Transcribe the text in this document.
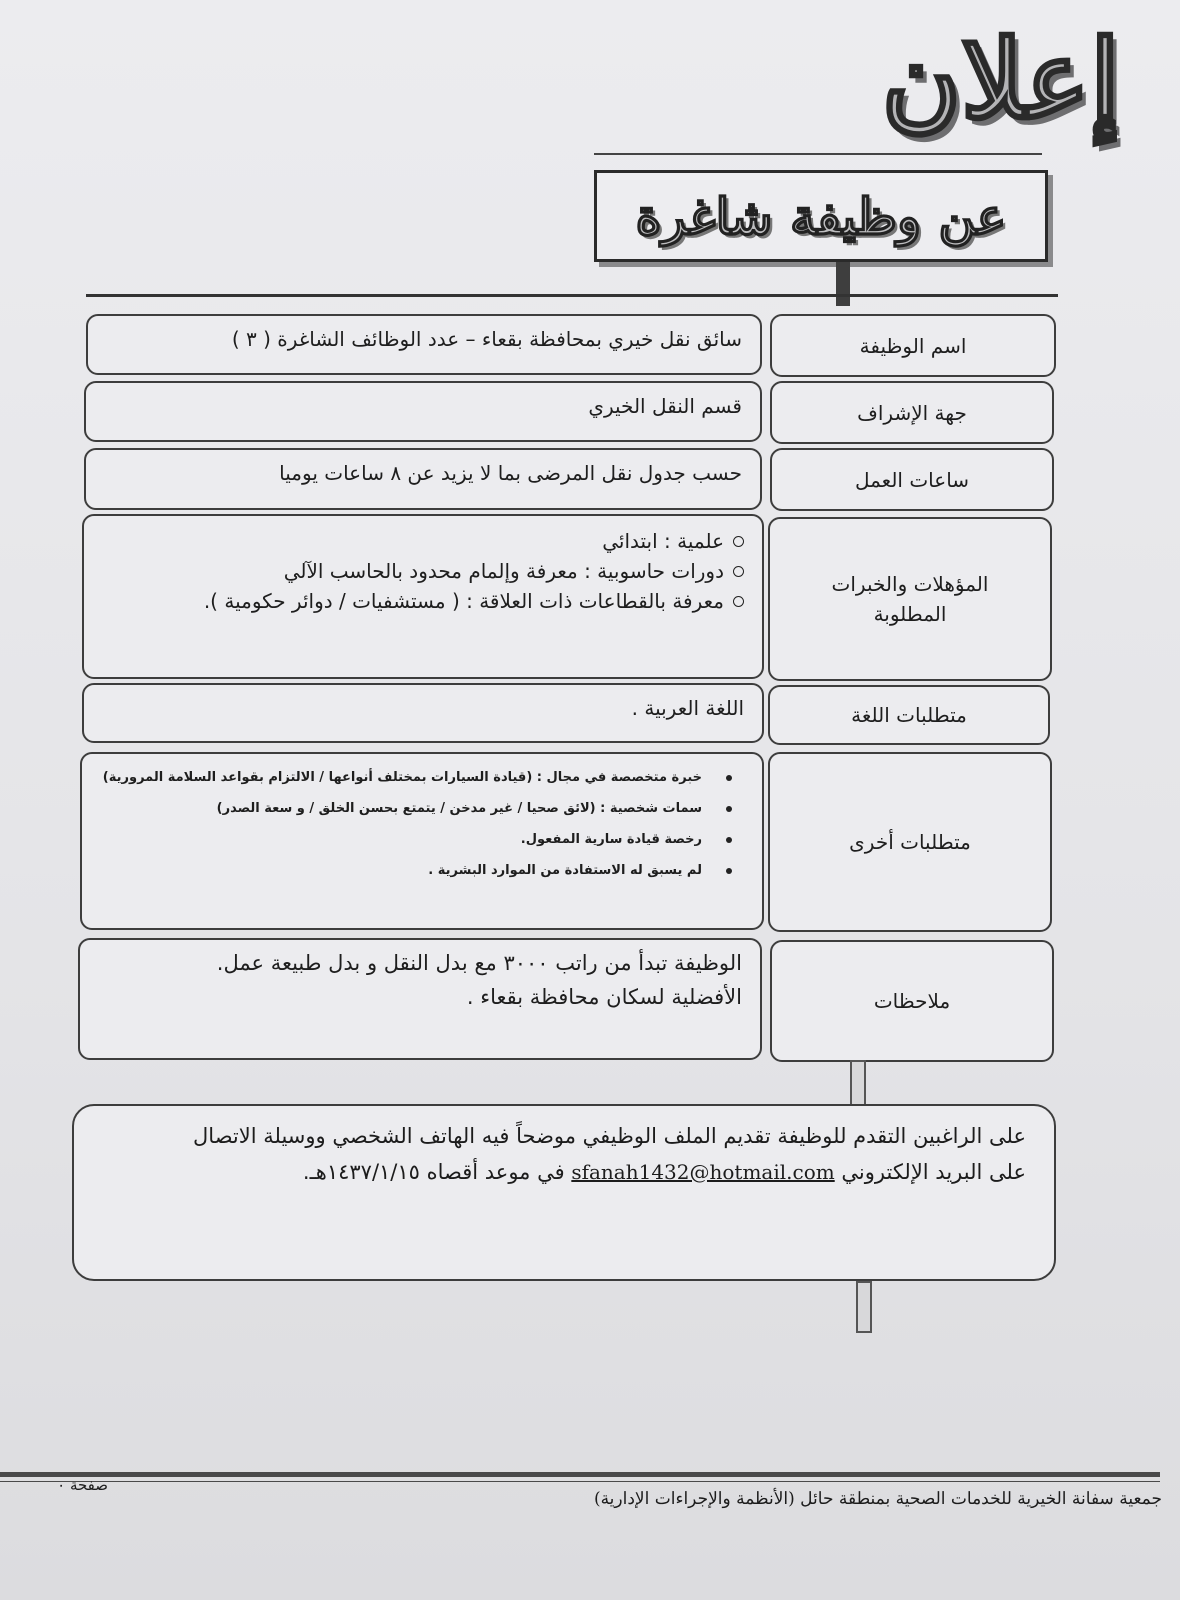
إعلان
عن وظيفة شاغرة
اسم الوظيفة
سائق نقل خيري بمحافظة بقعاء – عدد الوظائف الشاغرة ( ٣ )
جهة الإشراف
قسم النقل الخيري
ساعات العمل
حسب جدول نقل المرضى بما لا يزيد عن ٨ ساعات يوميا
المؤهلات والخبرات المطلوبة
علمية : ابتدائي
دورات حاسوبية : معرفة وإلمام محدود بالحاسب الآلي
معرفة بالقطاعات ذات العلاقة : ( مستشفيات / دوائر حكومية ).
متطلبات اللغة
اللغة العربية .
متطلبات أخرى
خبرة متخصصة في مجال : (قيادة السيارات بمختلف أنواعها / الالتزام بقواعد السلامة المرورية)
سمات شخصية : (لائق صحيا / غير مدخن / يتمتع بحسن الخلق / و سعة الصدر)
رخصة قيادة سارية المفعول.
لم يسبق له الاستفادة من الموارد البشرية .
ملاحظات
الوظيفة تبدأ من راتب ٣٠٠٠ مع بدل النقل و بدل طبيعة عمل.
الأفضلية لسكان محافظة بقعاء .
على الراغبين التقدم للوظيفة تقديم الملف الوظيفي موضحاً فيه الهاتف الشخصي ووسيلة الاتصال
على البريد الإلكتروني sfanah1432@hotmail.com في موعد أقصاه ١٤٣٧/١/١٥هـ.
جمعية سفانة الخيرية للخدمات الصحية بمنطقة حائل (الأنظمة والإجراءات الإدارية)
صفحة ٠
